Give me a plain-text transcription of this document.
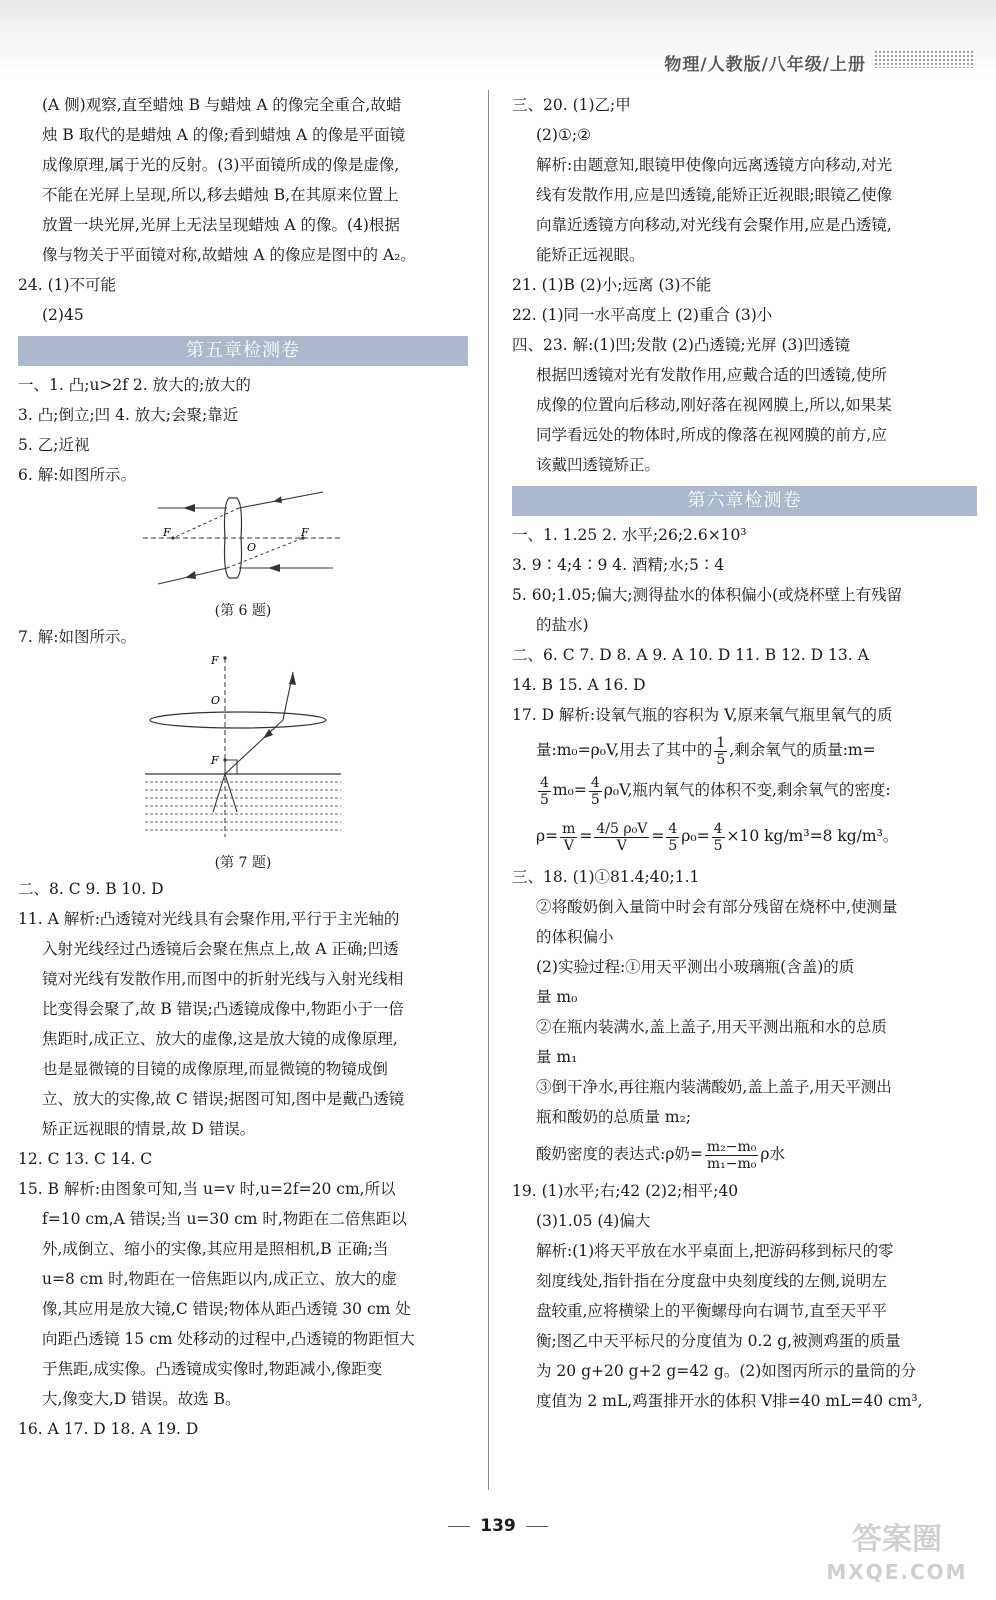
物理/人教版/八年级/上册

(A 侧)观察,直至蜡烛 B 与蜡烛 A 的像完全重合,故蜡

烛 B 取代的是蜡烛 A 的像;看到蜡烛 A 的像是平面镜

成像原理,属于光的反射。(3)平面镜所成的像是虚像,

不能在光屏上呈现,所以,移去蜡烛 B,在其原来位置上

放置一块光屏,光屏上无法呈现蜡烛 A 的像。(4)根据

像与物关于平面镜对称,故蜡烛 A 的像应是图中的 A₂。

24. (1)不可能

(2)45

第五章检测卷

一、1. 凸;u>2f 2. 放大的;放大的

3. 凸;倒立;凹 4. 放大;会聚;靠近

5. 乙;近视

6. 解:如图所示。

F
O
F
(第 6 题)

7. 解:如图所示。

F
O
F
(第 7 题)

二、8. C 9. B 10. D

11. A 解析:凸透镜对光线具有会聚作用,平行于主光轴的

入射光线经过凸透镜后会聚在焦点上,故 A 正确;凹透

镜对光线有发散作用,而图中的折射光线与入射光线相

比变得会聚了,故 B 错误;凸透镜成像中,物距小于一倍

焦距时,成正立、放大的虚像,这是放大镜的成像原理,

也是显微镜的目镜的成像原理,而显微镜的物镜成倒

立、放大的实像,故 C 错误;据图可知,图中是戴凸透镜

矫正远视眼的情景,故 D 错误。

12. C 13. C 14. C

15. B 解析:由图象可知,当 u=v 时,u=2f=20 cm,所以

f=10 cm,A 错误;当 u=30 cm 时,物距在二倍焦距以

外,成倒立、缩小的实像,其应用是照相机,B 正确;当

u=8 cm 时,物距在一倍焦距以内,成正立、放大的虚

像,其应用是放大镜,C 错误;物体从距凸透镜 30 cm 处

向距凸透镜 15 cm 处移动的过程中,凸透镜的物距恒大

于焦距,成实像。凸透镜成实像时,物距减小,像距变

大,像变大,D 错误。故选 B。

16. A 17. D 18. A 19. D

三、20. (1)乙;甲

(2)①;②

解析:由题意知,眼镜甲使像向远离透镜方向移动,对光

线有发散作用,应是凹透镜,能矫正近视眼;眼镜乙使像

向靠近透镜方向移动,对光线有会聚作用,应是凸透镜,

能矫正远视眼。

21. (1)B (2)小;远离 (3)不能

22. (1)同一水平高度上 (2)重合 (3)小

四、23. 解:(1)凹;发散 (2)凸透镜;光屏 (3)凹透镜

根据凹透镜对光有发散作用,应戴合适的凹透镜,使所

成像的位置向后移动,刚好落在视网膜上,所以,如果某

同学看远处的物体时,所成的像落在视网膜的前方,应

该戴凹透镜矫正。

第六章检测卷

一、1. 1.25 2. 水平;26;2.6×10³

3. 9∶4;4∶9 4. 酒精;水;5∶4

5. 60;1.05;偏大;测得盐水的体积偏小(或烧杯壁上有残留

的盐水)

二、6. C 7. D 8. A 9. A 10. D 11. B 12. D 13. A

14. B 15. A 16. D

17. D 解析:设氧气瓶的容积为 V,原来氧气瓶里氧气的质

量:m₀=ρ₀V,用去了其中的 $\frac{1}{5}$ ,剩余氧气的质量:m=

$\frac{4}{5} m_0= \frac{4}{5} \rho_0V$,瓶内氧气的体积不变,剩余氧气的密度:

$\rho= \frac{m}{V} = \frac{\text{4/5 ρ₀V}}{V} = \frac{4}{5} \rho_0= \frac{4}{5} \times 10$ kg/m³=8 kg/m³。

三、18. (1)①81.4;40;1.1

②将酸奶倒入量筒中时会有部分残留在烧杯中,使测量

的体积偏小

(2)实验过程:①用天平测出小玻璃瓶(含盖)的质

量 m₀

②在瓶内装满水,盖上盖子,用天平测出瓶和水的总质

量 m₁

③倒干净水,再往瓶内装满酸奶,盖上盖子,用天平测出

瓶和酸奶的总质量 m₂;

酸奶密度的表达式:ρ奶= $\frac{\text{m₂−m₀}}{\text{m₁−m₀}}$ ρ水

19. (1)水平;右;42 (2)2;相平;40

(3)1.05 (4)偏大

解析:(1)将天平放在水平桌面上,把游码移到标尺的零

刻度线处,指针指在分度盘中央刻度线的左侧,说明左

盘较重,应将横梁上的平衡螺母向右调节,直至天平平

衡;图乙中天平标尺的分度值为 0.2 g,被测鸡蛋的质量

为 20 g+20 g+2 g=42 g。(2)如图丙所示的量筒的分

度值为 2 mL,鸡蛋排开水的体积 V排=40 mL=40 cm³,

139	答案圈
MXQE.COM
